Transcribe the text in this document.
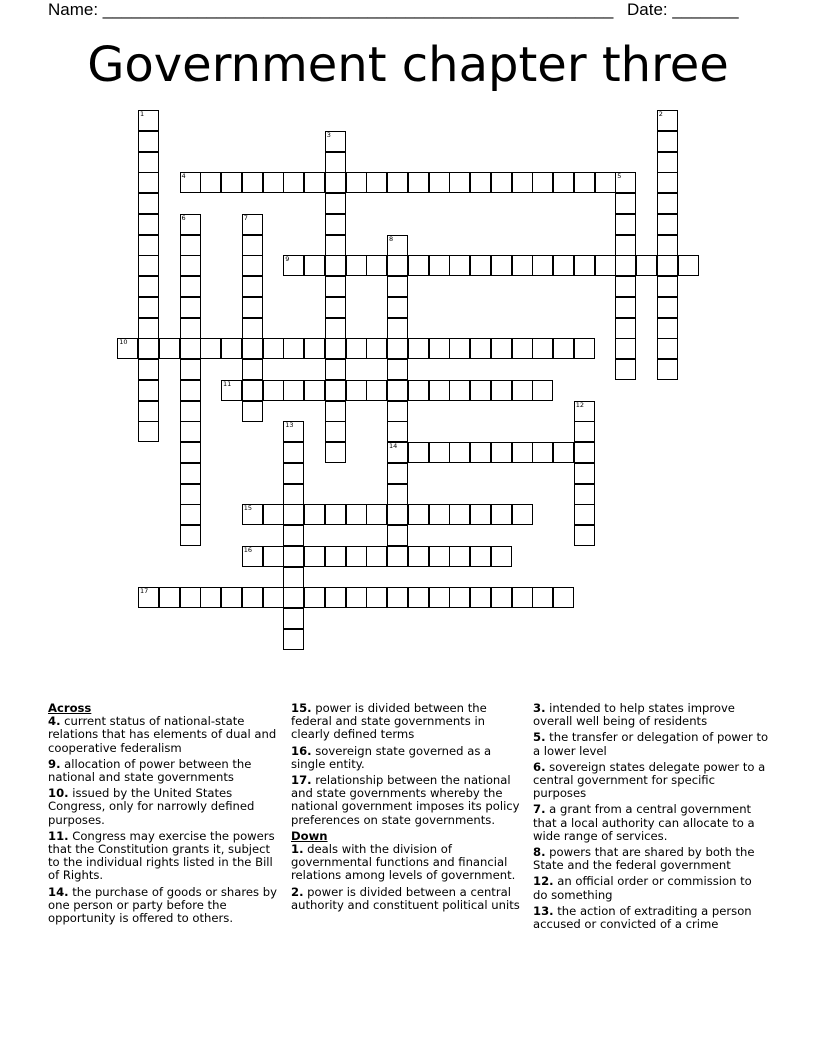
Name: ______________________________________________________ Date: _______
Government chapter three
1	2
3
4	5
6	7
8
9
10
11
12
13
14
15
16
17
Across
4. current status of national-state relations that has elements of dual and cooperative federalism
9. allocation of power between the national and state governments
10. issued by the United States Congress, only for narrowly defined purposes.
11. Congress may exercise the powers that the Constitution grants it, subject to the individual rights listed in the Bill of Rights.
14. the purchase of goods or shares by one person or party before the opportunity is offered to others.
15. power is divided between the federal and state governments in clearly defined terms
16. sovereign state governed as a single entity.
17. relationship between the national and state governments whereby the national government imposes its policy preferences on state governments.
Down
1. deals with the division of governmental functions and financial relations among levels of government.
2. power is divided between a central authority and constituent political units
3. intended to help states improve overall well being of residents
5. the transfer or delegation of power to a lower level
6. sovereign states delegate power to a central government for specific purposes
7. a grant from a central government that a local authority can allocate to a wide range of services.
8. powers that are shared by both the State and the federal government
12. an official order or commission to do something
13. the action of extraditing a person accused or convicted of a crime
